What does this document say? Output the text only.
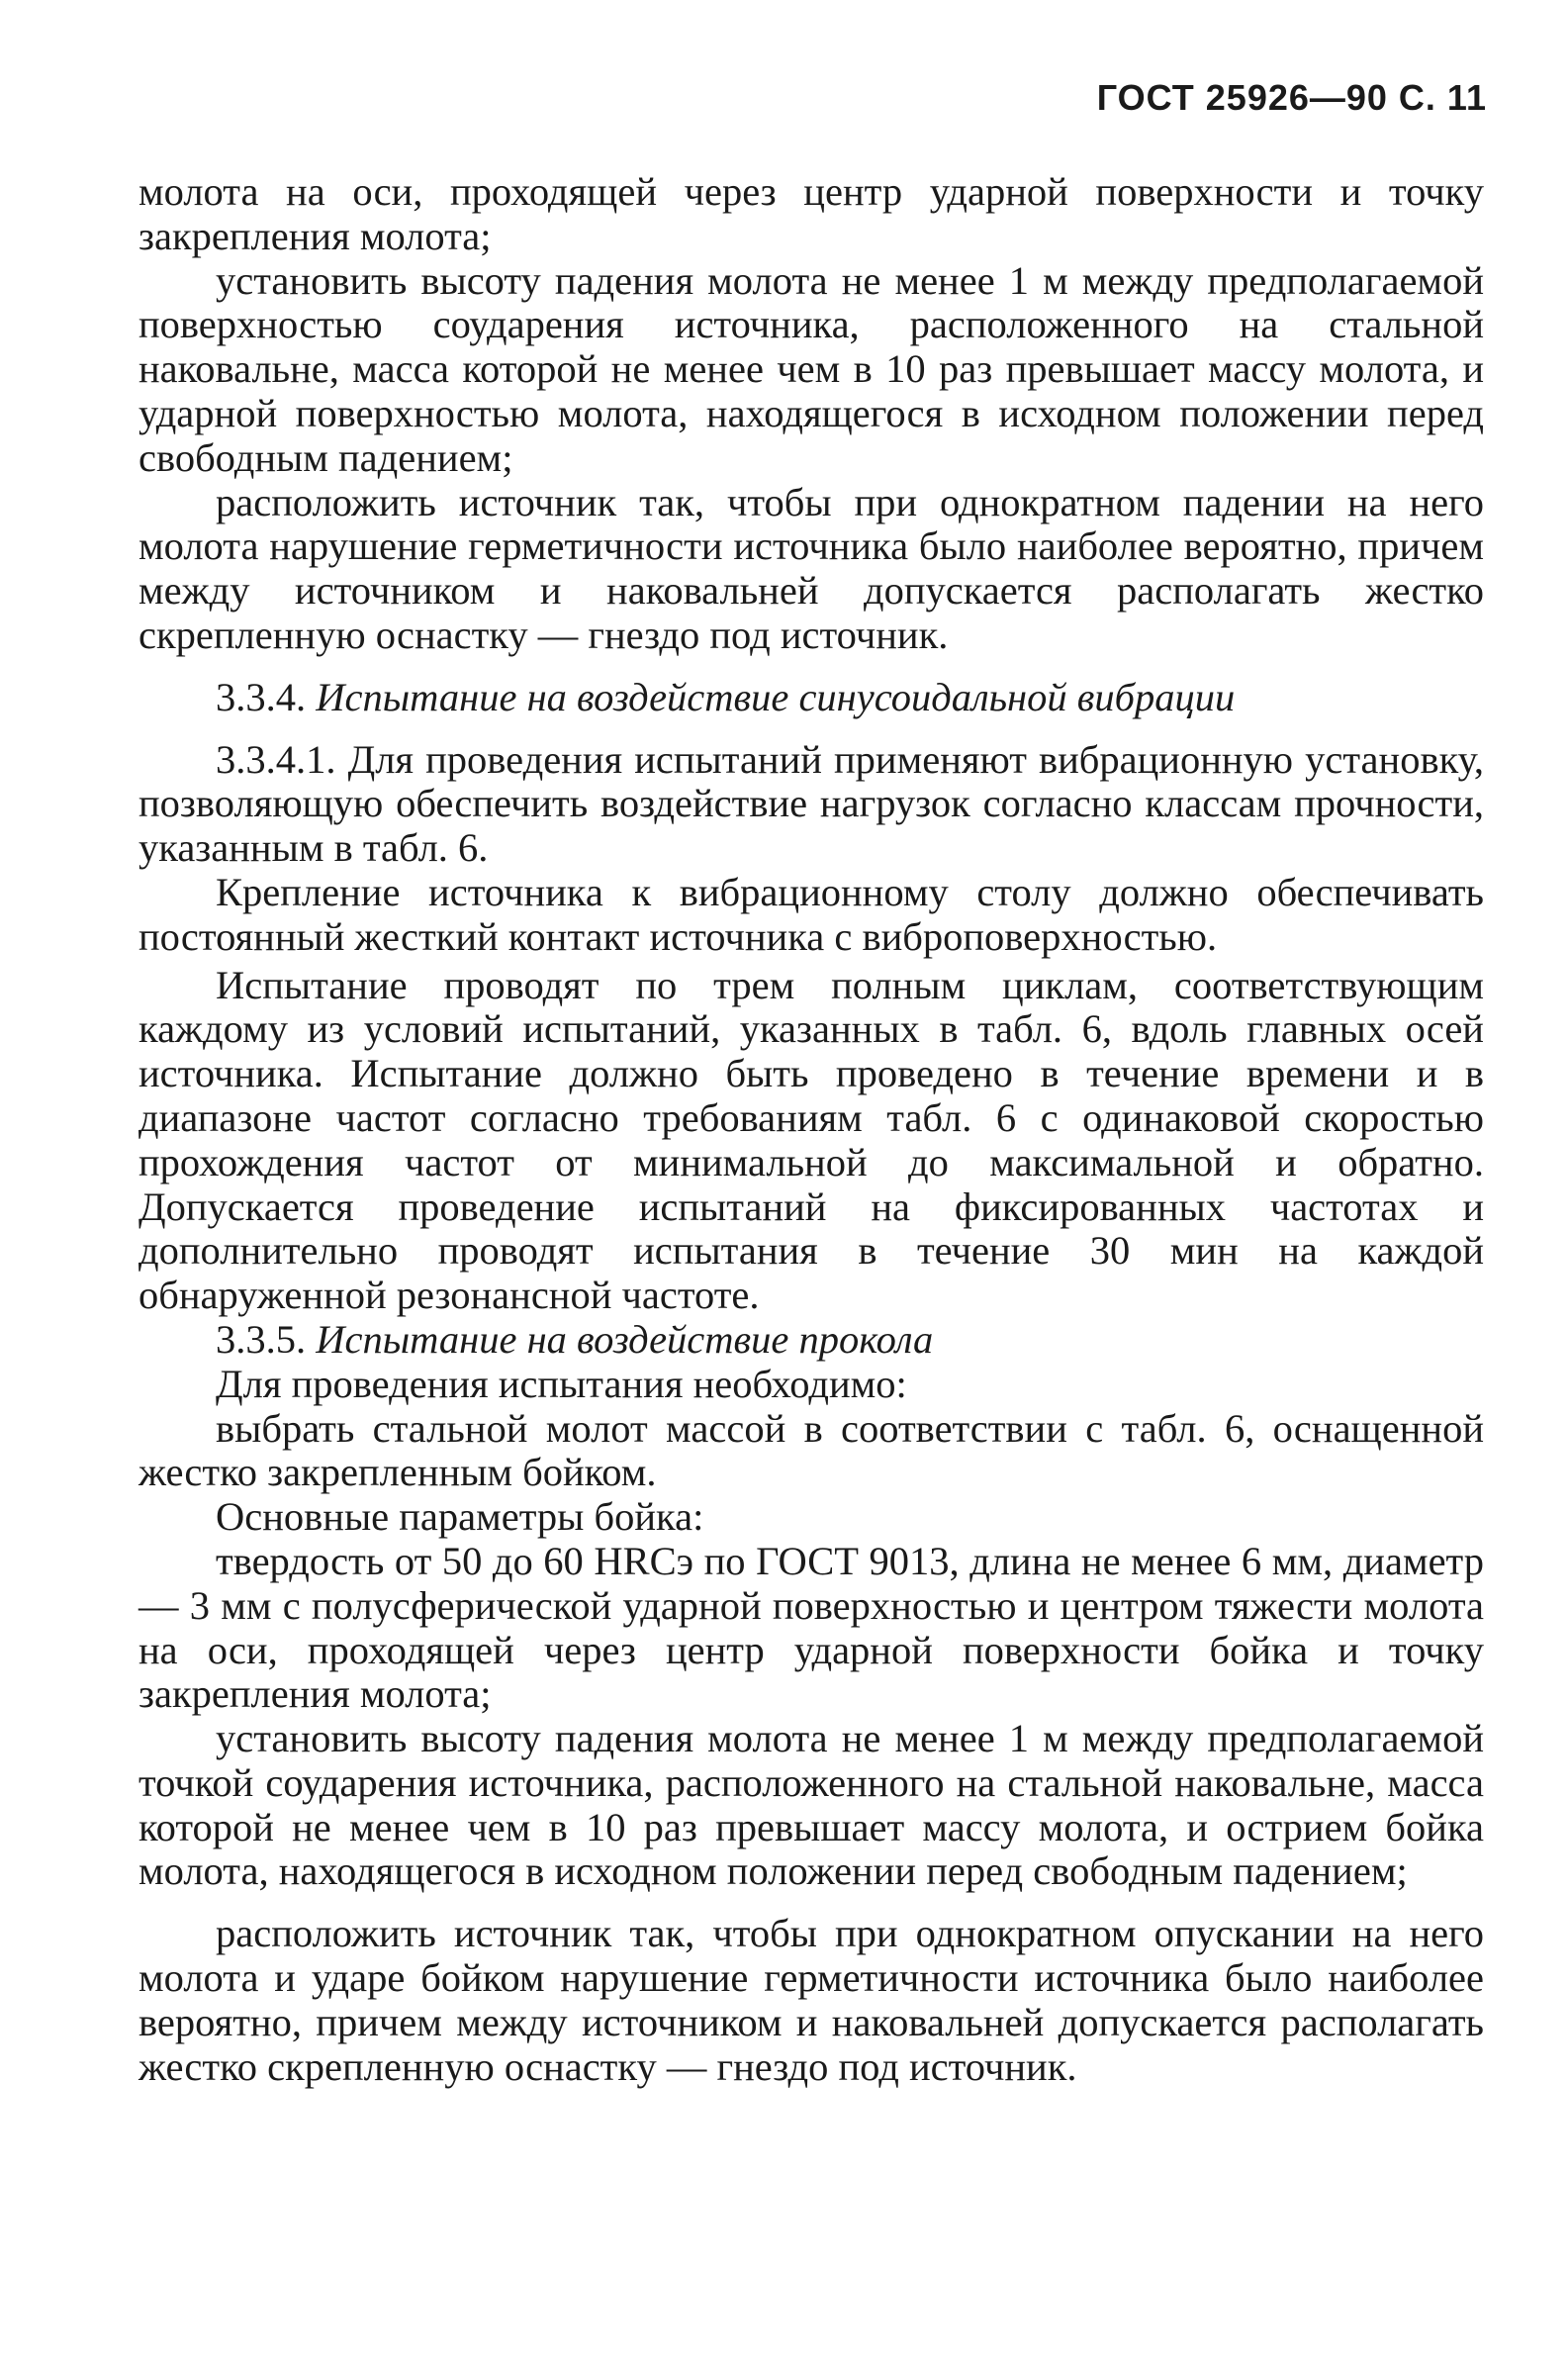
ГОСТ 25926—90 С. 11

молота на оси, проходящей через центр ударной поверхности и точку закрепления молота;

установить высоту падения молота не менее 1 м между предполагаемой поверхностью соударения источника, расположенного на стальной наковальне, масса которой не менее чем в 10 раз превышает массу молота, и ударной поверхностью молота, находящегося в исходном положении перед свободным падением;

расположить источник так, чтобы при однократном падении на него молота нарушение герметичности источника было наиболее вероятно, причем между источником и наковальней допускается располагать жестко скрепленную оснастку — гнездо под источник.

3.3.4. Испытание на воздействие синусоидальной вибрации

3.3.4.1. Для проведения испытаний применяют вибрационную установку, позволяющую обеспечить воздействие нагрузок согласно классам прочности, указанным в табл. 6.

Крепление источника к вибрационному столу должно обеспечивать постоянный жесткий контакт источника с виброповерхностью.

Испытание проводят по трем полным циклам, соответствующим каждому из условий испытаний, указанных в табл. 6, вдоль главных осей источника. Испытание должно быть проведено в течение времени и в диапазоне частот согласно требованиям табл. 6 с одинаковой скоростью прохождения частот от минимальной до максимальной и обратно. Допускается проведение испытаний на фиксированных частотах и дополнительно проводят испытания в течение 30 мин на каждой обнаруженной резонансной частоте.

3.3.5. Испытание на воздействие прокола

Для проведения испытания необходимо:

выбрать стальной молот массой в соответствии с табл. 6, оснащенной жестко закрепленным бойком.

Основные параметры бойка:

твердость от 50 до 60 HRCэ по ГОСТ 9013, длина не менее 6 мм, диаметр — 3 мм с полусферической ударной поверхностью и центром тяжести молота на оси, проходящей через центр ударной поверхности бойка и точку закрепления молота;

установить высоту падения молота не менее 1 м между предполагаемой точкой соударения источника, расположенного на стальной наковальне, масса которой не менее чем в 10 раз превышает массу молота, и острием бойка молота, находящегося в исходном положении перед свободным падением;

расположить источник так, чтобы при однократном опускании на него молота и ударе бойком нарушение герметичности источника было наиболее вероятно, причем между источником и наковальней допускается располагать жестко скрепленную оснастку — гнездо под источник.
